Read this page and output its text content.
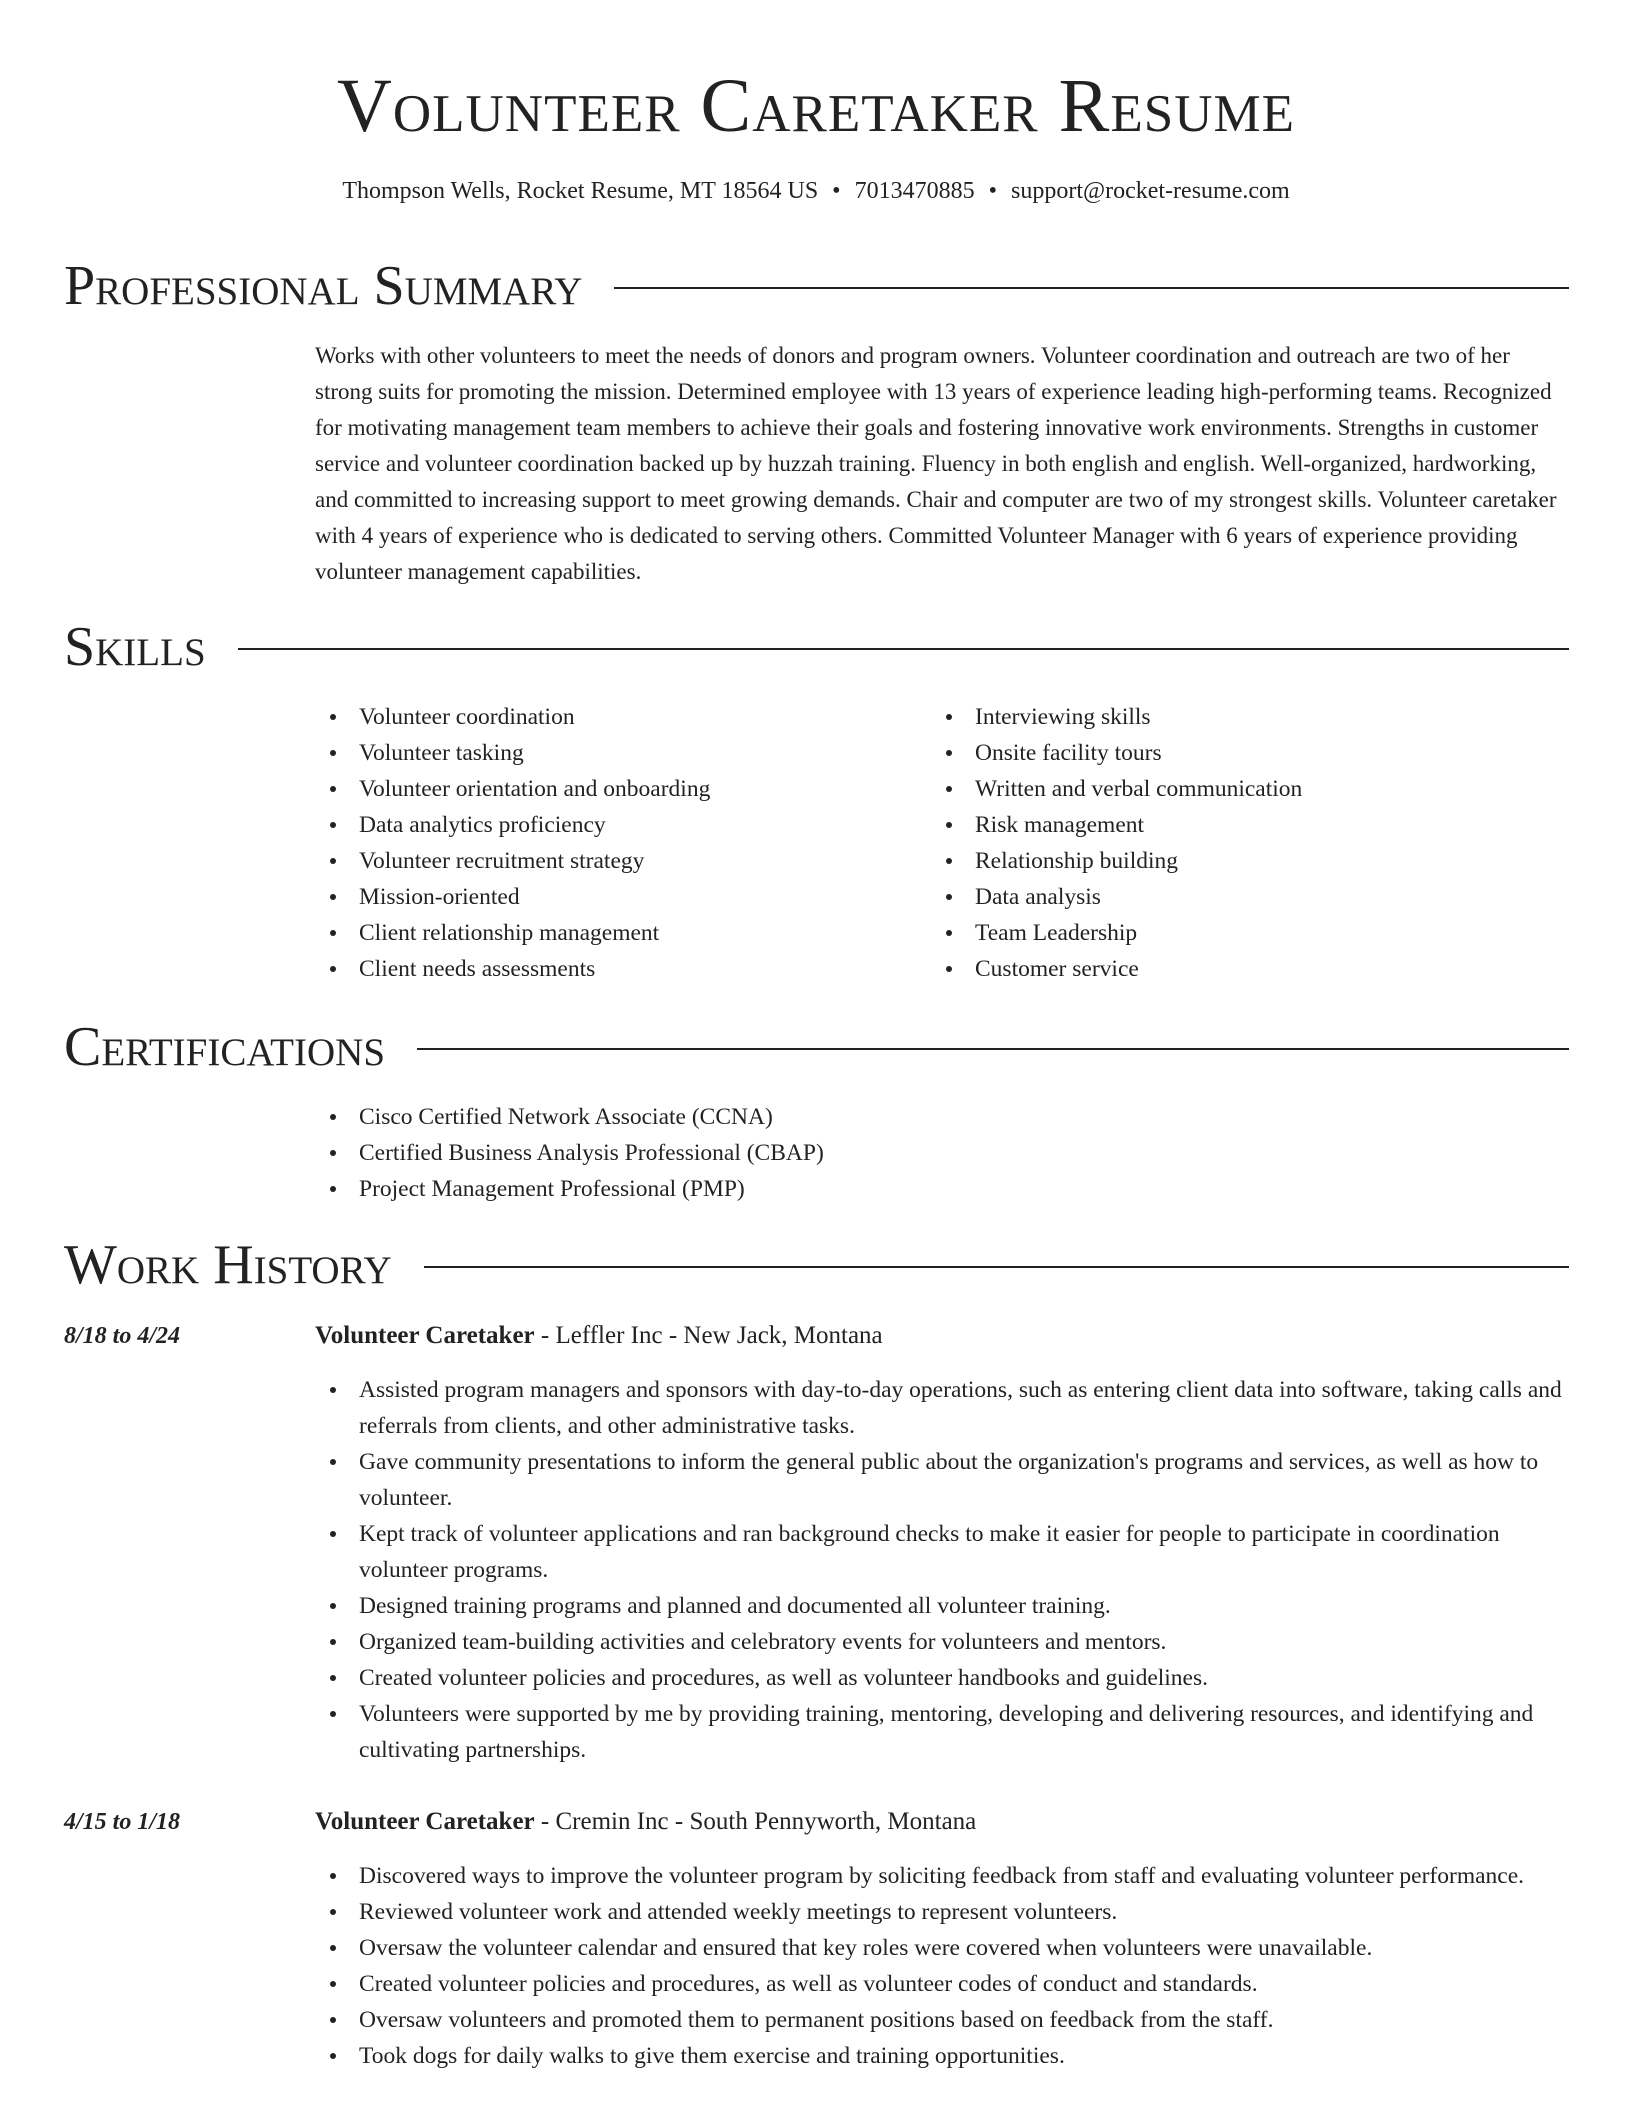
Volunteer Caretaker Resume
Thompson Wells, Rocket Resume, MT 18564 US • 7013470885 • support@rocket-resume.com
Professional Summary

Works with other volunteers to meet the needs of donors and program owners. Volunteer coordination and outreach are two of her strong suits for promoting the mission. Determined employee with 13 years of experience leading high-performing teams. Recognized for motivating management team members to achieve their goals and fostering innovative work environments. Strengths in customer service and volunteer coordination backed up by huzzah training. Fluency in both english and english. Well-organized, hardworking, and committed to increasing support to meet growing demands. Chair and computer are two of my strongest skills. Volunteer caretaker with 4 years of experience who is dedicated to serving others. Committed Volunteer Manager with 6 years of experience providing volunteer management capabilities.

Skills
Volunteer coordination
Volunteer tasking
Volunteer orientation and onboarding
Data analytics proficiency
Volunteer recruitment strategy
Mission-oriented
Client relationship management
Client needs assessments
Interviewing skills
Onsite facility tours
Written and verbal communication
Risk management
Relationship building
Data analysis
Team Leadership
Customer service
Certifications
Cisco Certified Network Associate (CCNA)
Certified Business Analysis Professional (CBAP)
Project Management Professional (PMP)
Work History
8/18 to 4/24	Volunteer Caretaker - Leffler Inc - New Jack, Montana
Assisted program managers and sponsors with day-to-day operations, such as entering client data into software, taking calls and referrals from clients, and other administrative tasks.
Gave community presentations to inform the general public about the organization's programs and services, as well as how to volunteer.
Kept track of volunteer applications and ran background checks to make it easier for people to participate in coordination volunteer programs.
Designed training programs and planned and documented all volunteer training.
Organized team-building activities and celebratory events for volunteers and mentors.
Created volunteer policies and procedures, as well as volunteer handbooks and guidelines.
Volunteers were supported by me by providing training, mentoring, developing and delivering resources, and identifying and cultivating partnerships.
4/15 to 1/18	Volunteer Caretaker - Cremin Inc - South Pennyworth, Montana
Discovered ways to improve the volunteer program by soliciting feedback from staff and evaluating volunteer performance.
Reviewed volunteer work and attended weekly meetings to represent volunteers.
Oversaw the volunteer calendar and ensured that key roles were covered when volunteers were unavailable.
Created volunteer policies and procedures, as well as volunteer codes of conduct and standards.
Oversaw volunteers and promoted them to permanent positions based on feedback from the staff.
Took dogs for daily walks to give them exercise and training opportunities.
